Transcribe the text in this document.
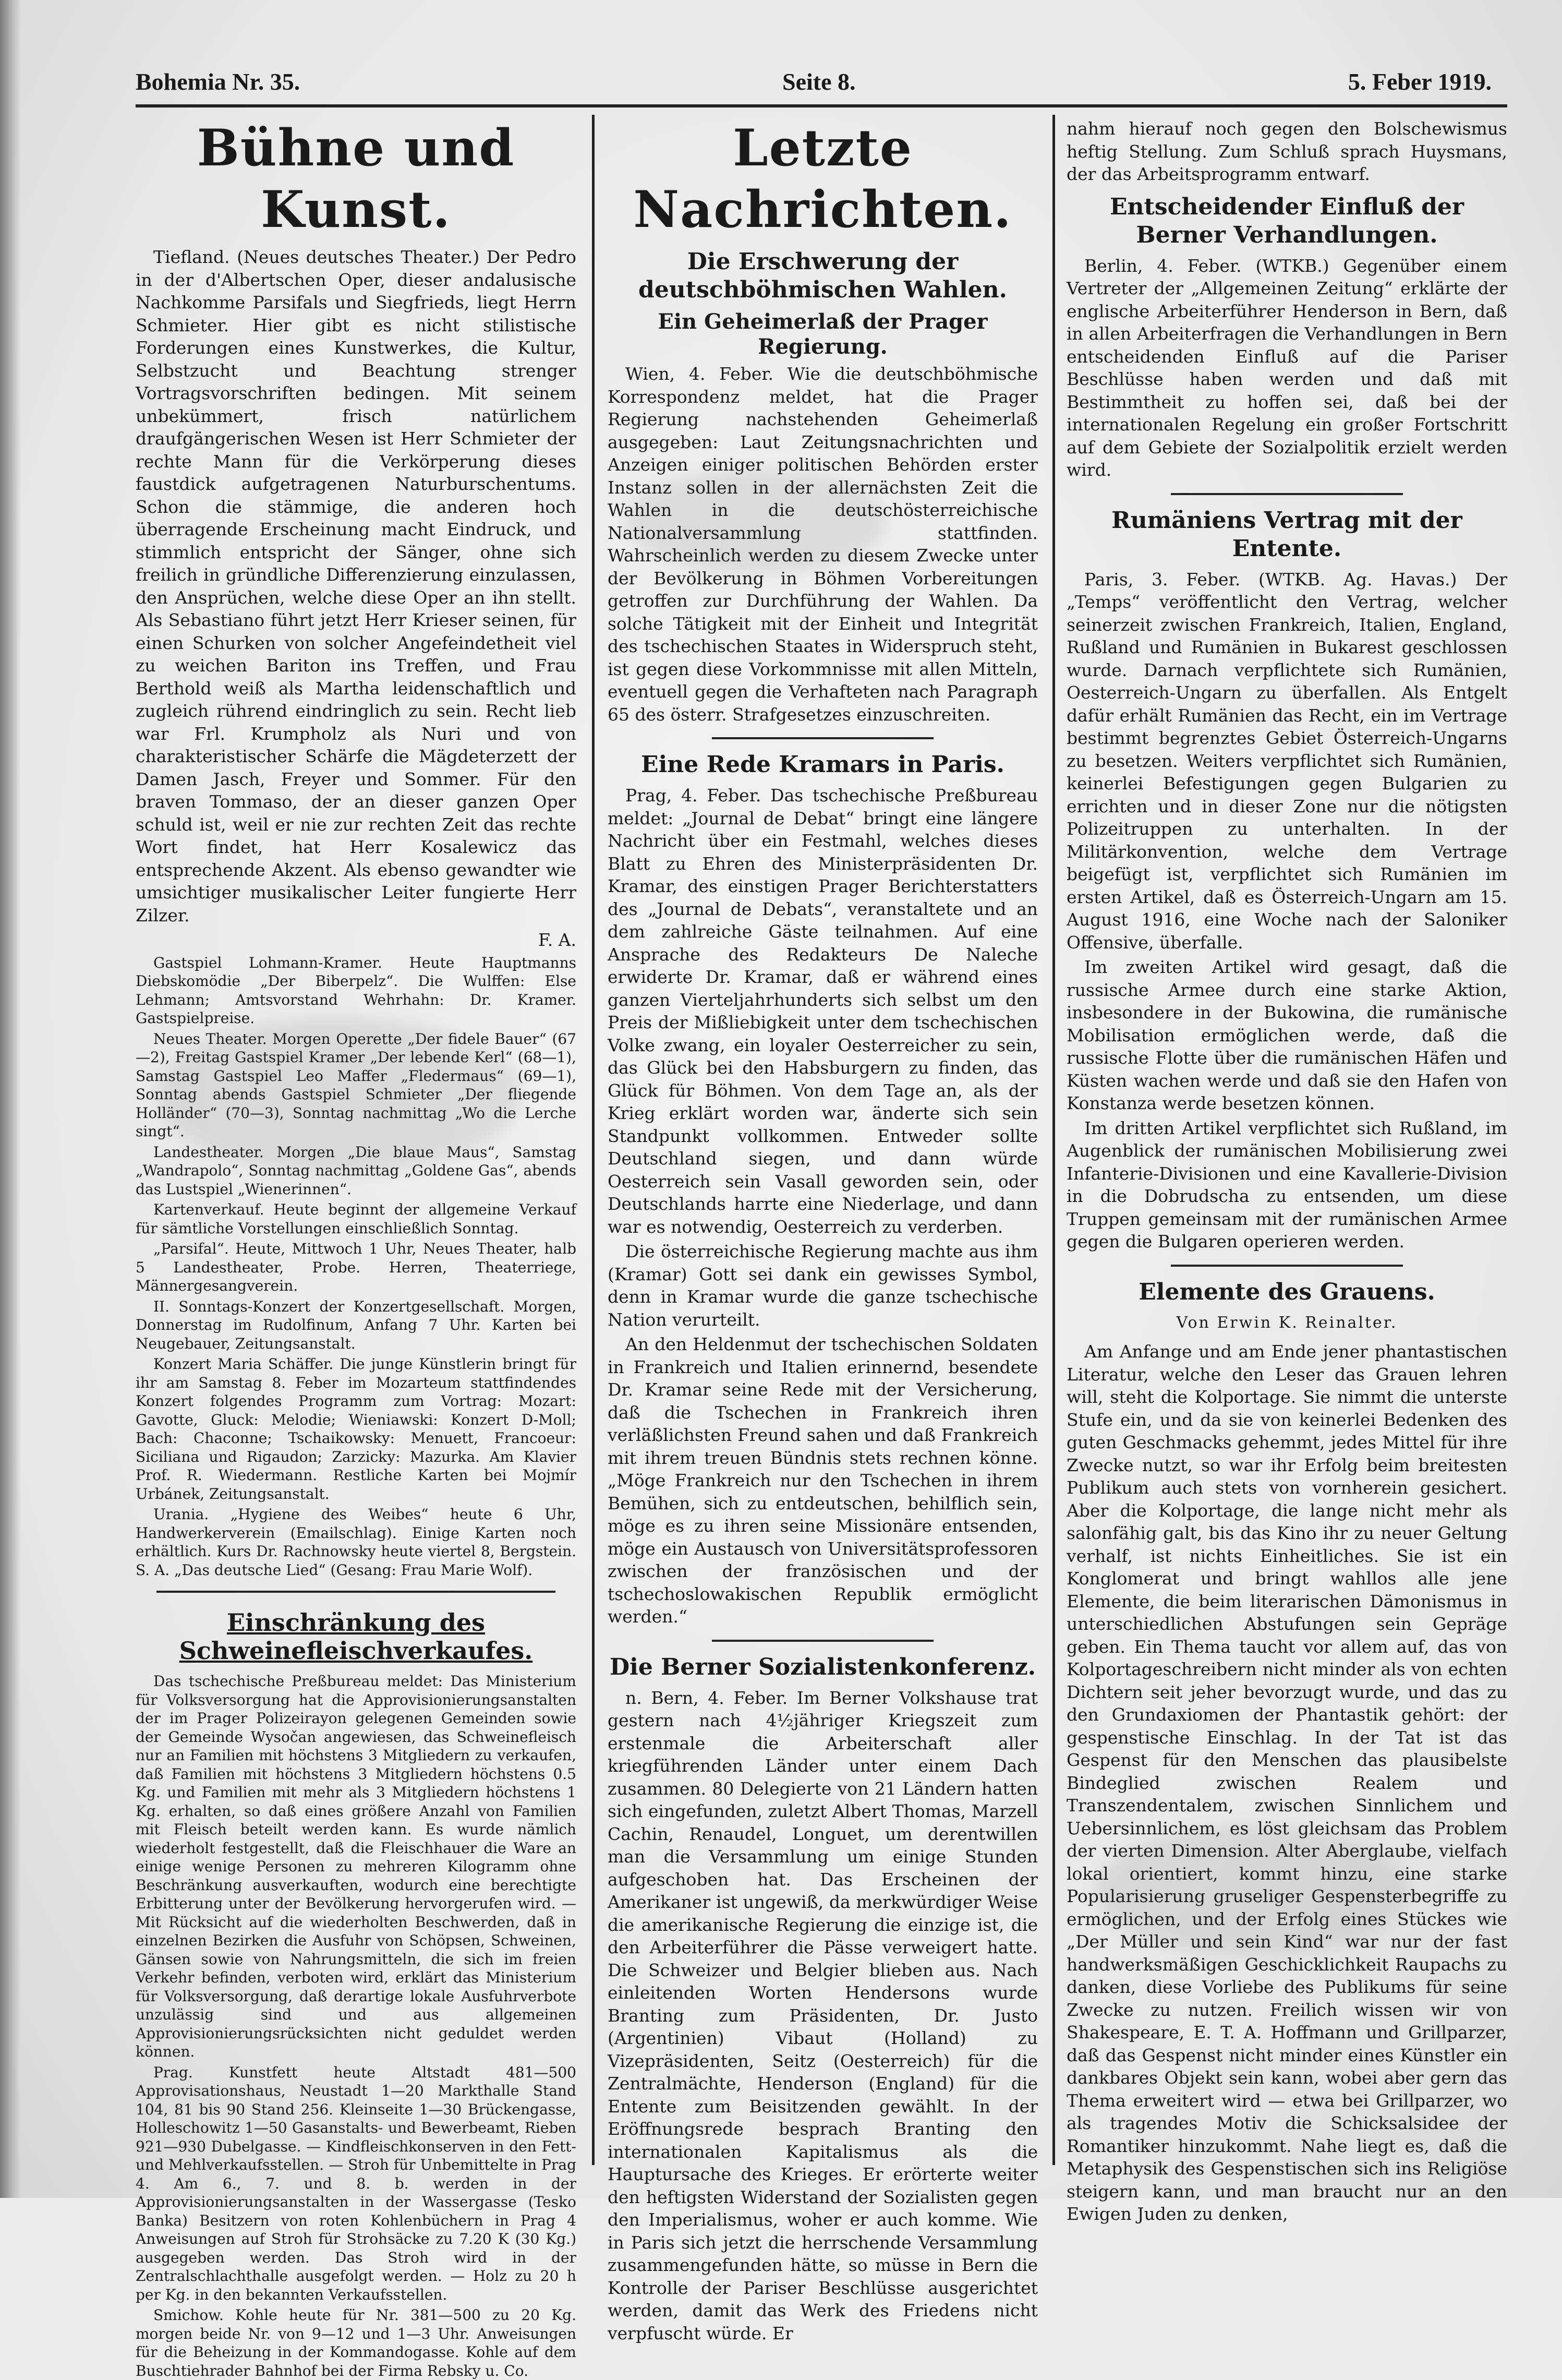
Bohemia Nr. 35.	Seite 8.	5. Feber 1919.
Bühne und Kunst.

Tiefland. (Neues deutsches Theater.) Der Pedro in der d'Albertschen Oper, dieser andalusische Nachkomme Parsifals und Siegfrieds, liegt Herrn Schmieter. Hier gibt es nicht stilistische Forderungen eines Kunstwerkes, die Kultur, Selbstzucht und Beachtung strenger Vortragsvorschriften bedingen. Mit seinem unbekümmert, frisch natürlichem draufgängerischen Wesen ist Herr Schmieter der rechte Mann für die Verkörperung dieses faustdick aufgetragenen Naturburschentums. Schon die stämmige, die anderen hoch überragende Erscheinung macht Eindruck, und stimmlich entspricht der Sänger, ohne sich freilich in gründliche Differenzierung einzulassen, den Ansprüchen, welche diese Oper an ihn stellt. Als Sebastiano führt jetzt Herr Krieser seinen, für einen Schurken von solcher Angefeindetheit viel zu weichen Bariton ins Treffen, und Frau Berthold weiß als Martha leidenschaftlich und zugleich rührend eindringlich zu sein. Recht lieb war Frl. Krumpholz als Nuri und von charakteristischer Schärfe die Mägdeterzett der Damen Jasch, Freyer und Sommer. Für den braven Tommaso, der an dieser ganzen Oper schuld ist, weil er nie zur rechten Zeit das rechte Wort findet, hat Herr Kosalewicz das entsprechende Akzent. Als ebenso gewandter wie umsichtiger musikalischer Leiter fungierte Herr Zilzer.

F. A.

Gastspiel Lohmann-Kramer. Heute Hauptmanns Diebskomödie „Der Biberpelz“. Die Wulffen: Else Lehmann; Amtsvorstand Wehrhahn: Dr. Kramer. Gastspielpreise.

Neues Theater. Morgen Operette „Der fidele Bauer“ (67—2), Freitag Gastspiel Kramer „Der lebende Kerl“ (68—1), Samstag Gastspiel Leo Maffer „Fledermaus“ (69—1), Sonntag abends Gastspiel Schmieter „Der fliegende Holländer“ (70—3), Sonntag nachmittag „Wo die Lerche singt“.

Landestheater. Morgen „Die blaue Maus“, Samstag „Wandrapolo“, Sonntag nachmittag „Goldene Gas“, abends das Lustspiel „Wienerinnen“.

Kartenverkauf. Heute beginnt der allgemeine Verkauf für sämtliche Vorstellungen einschließlich Sonntag.

„Parsifal“. Heute, Mittwoch 1 Uhr, Neues Theater, halb 5 Landestheater, Probe. Herren, Theaterriege, Männergesangverein.

II. Sonntags-Konzert der Konzertgesellschaft. Morgen, Donnerstag im Rudolfinum, Anfang 7 Uhr. Karten bei Neugebauer, Zeitungsanstalt.

Konzert Maria Schäffer. Die junge Künstlerin bringt für ihr am Samstag 8. Feber im Mozarteum stattfindendes Konzert folgendes Programm zum Vortrag: Mozart: Gavotte, Gluck: Melodie; Wieniawski: Konzert D-Moll; Bach: Chaconne; Tschaikowsky: Menuett, Francoeur: Siciliana und Rigaudon; Zarzicky: Mazurka. Am Klavier Prof. R. Wiedermann. Restliche Karten bei Mojmír Urbánek, Zeitungsanstalt.

Urania. „Hygiene des Weibes“ heute 6 Uhr, Handwerkerverein (Emailschlag). Einige Karten noch erhältlich. Kurs Dr. Rachnowsky heute viertel 8, Bergstein. S. A. „Das deutsche Lied“ (Gesang: Frau Marie Wolf).

Einschränkung des Schweinefleischverkaufes.

Das tschechische Preßbureau meldet: Das Ministerium für Volksversorgung hat die Approvisionierungsanstalten der im Prager Polizeirayon gelegenen Gemeinden sowie der Gemeinde Wysočan angewiesen, das Schweinefleisch nur an Familien mit höchstens 3 Mitgliedern zu verkaufen, daß Familien mit höchstens 3 Mitgliedern höchstens 0.5 Kg. und Familien mit mehr als 3 Mitgliedern höchstens 1 Kg. erhalten, so daß eines größere Anzahl von Familien mit Fleisch beteilt werden kann. Es wurde nämlich wiederholt festgestellt, daß die Fleischhauer die Ware an einige wenige Personen zu mehreren Kilogramm ohne Beschränkung ausverkauften, wodurch eine berechtigte Erbitterung unter der Bevölkerung hervorgerufen wird. — Mit Rücksicht auf die wiederholten Beschwerden, daß in einzelnen Bezirken die Ausfuhr von Schöpsen, Schweinen, Gänsen sowie von Nahrungsmitteln, die sich im freien Verkehr befinden, verboten wird, erklärt das Ministerium für Volksversorgung, daß derartige lokale Ausfuhrverbote unzulässig sind und aus allgemeinen Approvisionierungsrücksichten nicht geduldet werden können.

Prag. Kunstfett heute Altstadt 481—500 Approvisationshaus, Neustadt 1—20 Markthalle Stand 104, 81 bis 90 Stand 256. Kleinseite 1—30 Brückengasse, Holleschowitz 1—50 Gasanstalts- und Bewerbeamt, Rieben 921—930 Dubelgasse. — Kindfleischkonserven in den Fett- und Mehlverkaufsstellen. — Stroh für Unbemittelte in Prag 4. Am 6., 7. und 8. b. werden in der Approvisionierungsanstalten in der Wassergasse (Tesko Banka) Besitzern von roten Kohlenbüchern in Prag 4 Anweisungen auf Stroh für Strohsäcke zu 7.20 K (30 Kg.) ausgegeben werden. Das Stroh wird in der Zentralschlachthalle ausgefolgt werden. — Holz zu 20 h per Kg. in den bekannten Verkaufsstellen.

Smichow. Kohle heute für Nr. 381—500 zu 20 Kg. morgen beide Nr. von 9—12 und 1—3 Uhr. Anweisungen für die Beheizung in der Kommandogasse. Kohle auf dem Buschtiehrader Bahnhof bei der Firma Rebsky u. Co.

Letzte Nachrichten.
Die Erschwerung der deutschböhmischen Wahlen.
Ein Geheimerlaß der Prager Regierung.

Wien, 4. Feber. Wie die deutschböhmische Korrespondenz meldet, hat die Prager Regierung nachstehenden Geheimerlaß ausgegeben: Laut Zeitungsnachrichten und Anzeigen einiger politischen Behörden erster Instanz sollen in der allernächsten Zeit die Wahlen in die deutschösterreichische Nationalversammlung stattfinden. Wahrscheinlich werden zu diesem Zwecke unter der Bevölkerung in Böhmen Vorbereitungen getroffen zur Durchführung der Wahlen. Da solche Tätigkeit mit der Einheit und Integrität des tschechischen Staates in Widerspruch steht, ist gegen diese Vorkommnisse mit allen Mitteln, eventuell gegen die Verhafteten nach Paragraph 65 des österr. Strafgesetzes einzuschreiten.

Eine Rede Kramars in Paris.

Prag, 4. Feber. Das tschechische Preßbureau meldet: „Journal de Debat“ bringt eine längere Nachricht über ein Festmahl, welches dieses Blatt zu Ehren des Ministerpräsidenten Dr. Kramar, des einstigen Prager Berichterstatters des „Journal de Debats“, veranstaltete und an dem zahlreiche Gäste teilnahmen. Auf eine Ansprache des Redakteurs De Naleche erwiderte Dr. Kramar, daß er während eines ganzen Vierteljahrhunderts sich selbst um den Preis der Mißliebigkeit unter dem tschechischen Volke zwang, ein loyaler Oesterreicher zu sein, das Glück bei den Habsburgern zu finden, das Glück für Böhmen. Von dem Tage an, als der Krieg erklärt worden war, änderte sich sein Standpunkt vollkommen. Entweder sollte Deutschland siegen, und dann würde Oesterreich sein Vasall geworden sein, oder Deutschlands harrte eine Niederlage, und dann war es notwendig, Oesterreich zu verderben.

Die österreichische Regierung machte aus ihm (Kramar) Gott sei dank ein gewisses Symbol, denn in Kramar wurde die ganze tschechische Nation verurteilt.

An den Heldenmut der tschechischen Soldaten in Frankreich und Italien erinnernd, besendete Dr. Kramar seine Rede mit der Versicherung, daß die Tschechen in Frankreich ihren verläßlichsten Freund sahen und daß Frankreich mit ihrem treuen Bündnis stets rechnen könne. „Möge Frankreich nur den Tschechen in ihrem Bemühen, sich zu entdeutschen, behilflich sein, möge es zu ihren seine Missionäre entsenden, möge ein Austausch von Universitätsprofessoren zwischen der französischen und der tschechoslowakischen Republik ermöglicht werden.“

Die Berner Sozialistenkonferenz.

n. Bern, 4. Feber. Im Berner Volkshause trat gestern nach 4½jähriger Kriegszeit zum erstenmale die Arbeiterschaft aller kriegführenden Länder unter einem Dach zusammen. 80 Delegierte von 21 Ländern hatten sich eingefunden, zuletzt Albert Thomas, Marzell Cachin, Renaudel, Longuet, um derentwillen man die Versammlung um einige Stunden aufgeschoben hat. Das Erscheinen der Amerikaner ist ungewiß, da merkwürdiger Weise die amerikanische Regierung die einzige ist, die den Arbeiterführer die Pässe verweigert hatte. Die Schweizer und Belgier blieben aus. Nach einleitenden Worten Hendersons wurde Branting zum Präsidenten, Dr. Justo (Argentinien) Vibaut (Holland) zu Vizepräsidenten, Seitz (Oesterreich) für die Zentralmächte, Henderson (England) für die Entente zum Beisitzenden gewählt. In der Eröffnungsrede besprach Branting den internationalen Kapitalismus als die Hauptursache des Krieges. Er erörterte weiter den heftigsten Widerstand der Sozialisten gegen den Imperialismus, woher er auch komme. Wie in Paris sich jetzt die herrschende Versammlung zusammengefunden hätte, so müsse in Bern die Kontrolle der Pariser Beschlüsse ausgerichtet werden, damit das Werk des Friedens nicht verpfuscht würde. Er

nahm hierauf noch gegen den Bolschewismus heftig Stellung. Zum Schluß sprach Huysmans, der das Arbeitsprogramm entwarf.

Entscheidender Einfluß der Berner Verhandlungen.

Berlin, 4. Feber. (WTKB.) Gegenüber einem Vertreter der „Allgemeinen Zeitung“ erklärte der englische Arbeiterführer Henderson in Bern, daß in allen Arbeiterfragen die Verhandlungen in Bern entscheidenden Einfluß auf die Pariser Beschlüsse haben werden und daß mit Bestimmtheit zu hoffen sei, daß bei der internationalen Regelung ein großer Fortschritt auf dem Gebiete der Sozialpolitik erzielt werden wird.

Rumäniens Vertrag mit der Entente.

Paris, 3. Feber. (WTKB. Ag. Havas.) Der „Temps“ veröffentlicht den Vertrag, welcher seinerzeit zwischen Frankreich, Italien, England, Rußland und Rumänien in Bukarest geschlossen wurde. Darnach verpflichtete sich Rumänien, Oesterreich-Ungarn zu überfallen. Als Entgelt dafür erhält Rumänien das Recht, ein im Vertrage bestimmt begrenztes Gebiet Österreich-Ungarns zu besetzen. Weiters verpflichtet sich Rumänien, keinerlei Befestigungen gegen Bulgarien zu errichten und in dieser Zone nur die nötigsten Polizeitruppen zu unterhalten. In der Militärkonvention, welche dem Vertrage beigefügt ist, verpflichtet sich Rumänien im ersten Artikel, daß es Österreich-Ungarn am 15. August 1916, eine Woche nach der Saloniker Offensive, überfalle.

Im zweiten Artikel wird gesagt, daß die russische Armee durch eine starke Aktion, insbesondere in der Bukowina, die rumänische Mobilisation ermöglichen werde, daß die russische Flotte über die rumänischen Häfen und Küsten wachen werde und daß sie den Hafen von Konstanza werde besetzen können.

Im dritten Artikel verpflichtet sich Rußland, im Augenblick der rumänischen Mobilisierung zwei Infanterie-Divisionen und eine Kavallerie-Division in die Dobrudscha zu entsenden, um diese Truppen gemeinsam mit der rumänischen Armee gegen die Bulgaren operieren werden.

Elemente des Grauens.
Von Erwin K. Reinalter.

Am Anfange und am Ende jener phantastischen Literatur, welche den Leser das Grauen lehren will, steht die Kolportage. Sie nimmt die unterste Stufe ein, und da sie von keinerlei Bedenken des guten Geschmacks gehemmt, jedes Mittel für ihre Zwecke nutzt, so war ihr Erfolg beim breitesten Publikum auch stets von vornherein gesichert. Aber die Kolportage, die lange nicht mehr als salonfähig galt, bis das Kino ihr zu neuer Geltung verhalf, ist nichts Einheitliches. Sie ist ein Konglomerat und bringt wahllos alle jene Elemente, die beim literarischen Dämonismus in unterschiedlichen Abstufungen sein Gepräge geben. Ein Thema taucht vor allem auf, das von Kolportageschreibern nicht minder als von echten Dichtern seit jeher bevorzugt wurde, und das zu den Grundaxiomen der Phantastik gehört: der gespenstische Einschlag. In der Tat ist das Gespenst für den Menschen das plausibelste Bindeglied zwischen Realem und Transzendentalem, zwischen Sinnlichem und Uebersinnlichem, es löst gleichsam das Problem der vierten Dimension. Alter Aberglaube, vielfach lokal orientiert, kommt hinzu, eine starke Popularisierung gruseliger Gespensterbegriffe zu ermöglichen, und der Erfolg eines Stückes wie „Der Müller und sein Kind“ war nur der fast handwerksmäßigen Geschicklichkeit Raupachs zu danken, diese Vorliebe des Publikums für seine Zwecke zu nutzen. Freilich wissen wir von Shakespeare, E. T. A. Hoffmann und Grillparzer, daß das Gespenst nicht minder eines Künstler ein dankbares Objekt sein kann, wobei aber gern das Thema erweitert wird — etwa bei Grillparzer, wo als tragendes Motiv die Schicksalsidee der Romantiker hinzukommt. Nahe liegt es, daß die Metaphysik des Gespenstischen sich ins Religiöse steigern kann, und man braucht nur an den Ewigen Juden zu denken,
